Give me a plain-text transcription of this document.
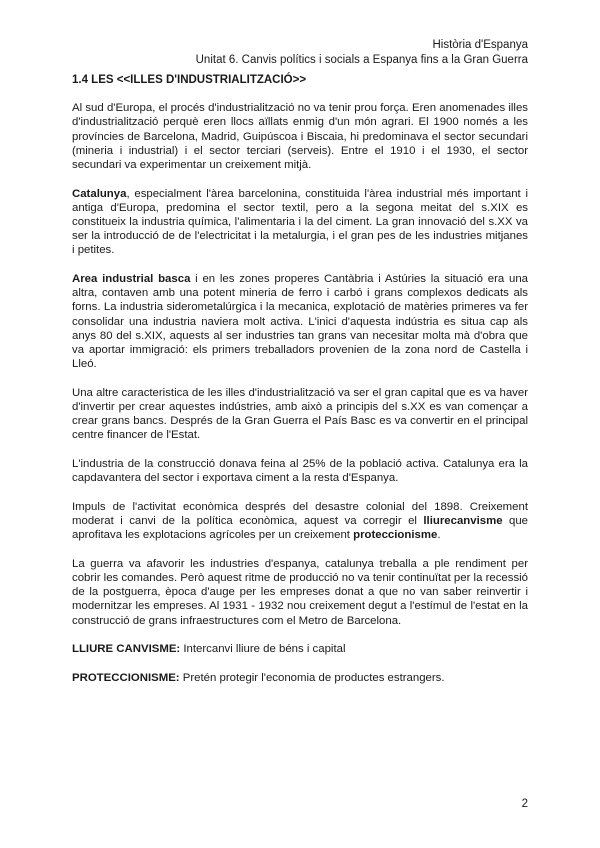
Història d'Espanya
Unitat 6. Canvis polítics i socials a Espanya fins a la Gran Guerra
1.4 LES <<ILLES D'INDUSTRIALITZACIÓ>>

Al sud d'Europa, el procés d'industrialització no va tenir prou força. Eren anomenades illes d'industrialització perquè eren llocs aïllats enmig d'un món agrari. El 1900 només a les províncies de Barcelona, Madrid, Guipúscoa i Biscaia, hi predominava el sector secundari (mineria i industrial) i el sector terciari (serveis). Entre el 1910 i el 1930, el sector secundari va experimentar un creixement mitjà.

Catalunya, especialment l'àrea barcelonina, constituida l'àrea industrial més important i antiga d'Europa, predomina el sector textil, pero a la segona meitat del s.XIX es constitueix la industria química, l'alimentaria i la del ciment. La gran innovació del s.XX va ser la introducció de de l'electricitat i la metalurgia, i el gran pes de les industries mitjanes i petites.

Area industrial basca i en les zones properes Cantàbria i Astúries la situació era una altra, contaven amb una potent mineria de ferro i carbó i grans complexos dedicats als forns. La industria siderometalúrgica i la mecanica, explotació de matèries primeres va fer consolidar una industria naviera molt activa. L'inici d'aquesta indústria es situa cap als anys 80 del s.XIX, aquests al ser industries tan grans van necesitar molta mà d'obra que va aportar immigració: els primers treballadors provenien de la zona nord de Castella i Lleó.

Una altre caracteristica de les illes d'industrialització va ser el gran capital que es va haver d'invertir per crear aquestes indústries, amb això a principis del s.XX es van començar a crear grans bancs. Després de la Gran Guerra el País Basc es va convertir en el principal centre financer de l'Estat.

L'industria de la construcció donava feina al 25% de la població activa. Catalunya era la capdavantera del sector i exportava ciment a la resta d'Espanya.

Impuls de l'activitat econòmica després del desastre colonial del 1898. Creixement moderat i canvi de la política econòmica, aquest va corregir el lliurecanvisme que aprofitava les explotacions agrícoles per un creixement proteccionisme.

La guerra va afavorir les industries d'espanya, catalunya treballa a ple rendiment per cobrir les comandes. Però aquest ritme de producció no va tenir continuïtat per la recessió de la postguerra, època d'auge per les empreses donat a que no van saber reinvertir i modernitzar les empreses. Al 1931 - 1932 nou creixement degut a l'estímul de l'estat en la construcció de grans infraestructures com el Metro de Barcelona.

LLIURE CANVISME: Intercanvi lliure de béns i capital

PROTECCIONISME: Pretén protegir l'economia de productes estrangers.

2
